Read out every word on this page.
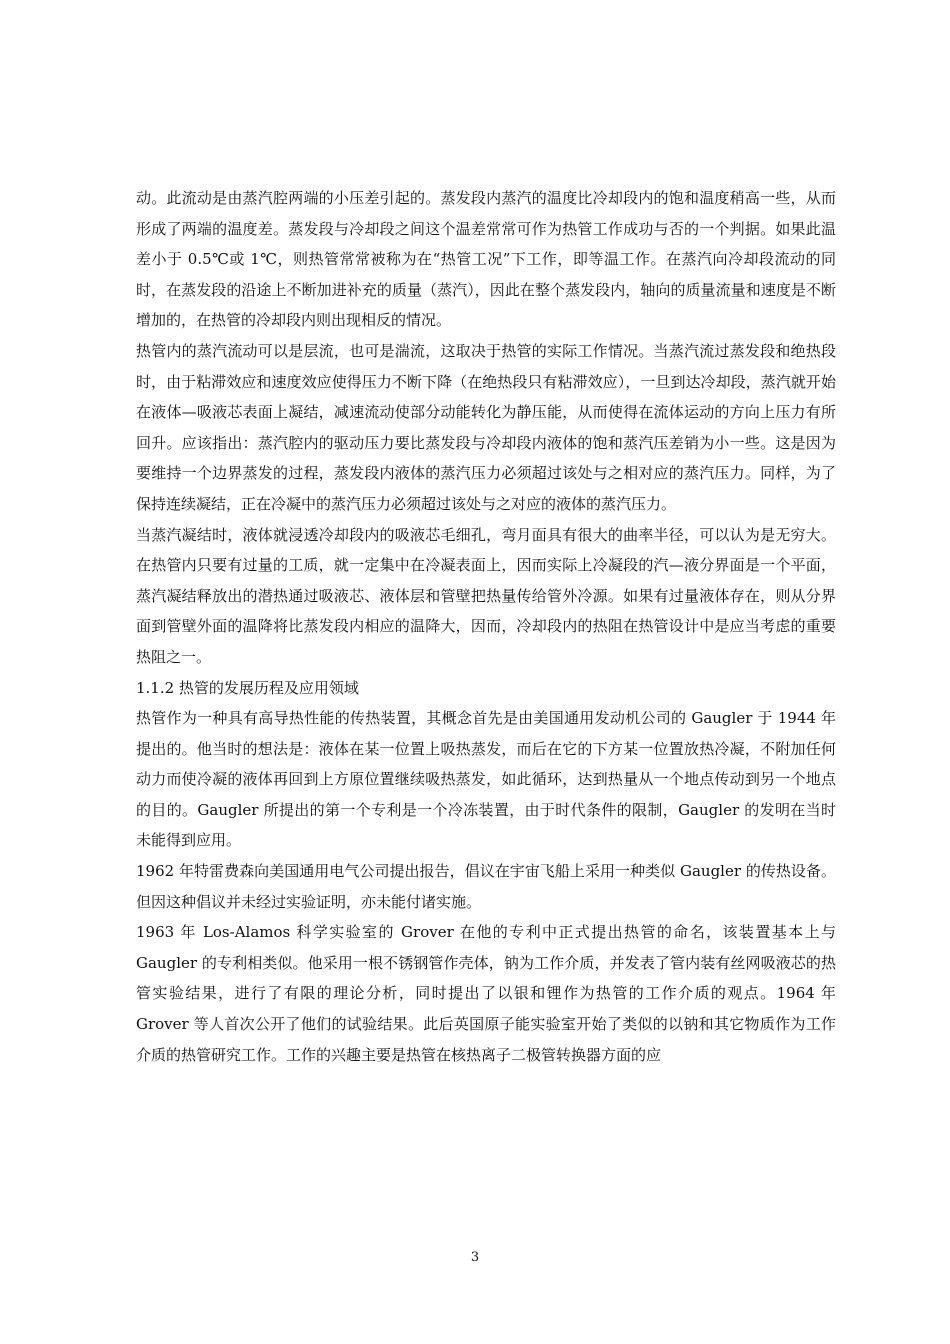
动。此流动是由蒸汽腔两端的小压差引起的。蒸发段内蒸汽的温度比冷却段内的饱和温度稍高一些，从而形成了两端的温度差。蒸发段与冷却段之间这个温差常常可作为热管工作成功与否的一个判据。如果此温差小于 0.5℃或 1℃，则热管常常被称为在“热管工况”下工作，即等温工作。在蒸汽向冷却段流动的同时，在蒸发段的沿途上不断加进补充的质量（蒸汽），因此在整个蒸发段内，轴向的质量流量和速度是不断增加的，在热管的冷却段内则出现相反的情况。

热管内的蒸汽流动可以是层流，也可是湍流，这取决于热管的实际工作情况。当蒸汽流过蒸发段和绝热段时，由于粘滞效应和速度效应使得压力不断下降（在绝热段只有粘滞效应），一旦到达冷却段，蒸汽就开始在液体—吸液芯表面上凝结，减速流动使部分动能转化为静压能，从而使得在流体运动的方向上压力有所回升。应该指出：蒸汽腔内的驱动压力要比蒸发段与冷却段内液体的饱和蒸汽压差销为小一些。这是因为要维持一个边界蒸发的过程，蒸发段内液体的蒸汽压力必须超过该处与之相对应的蒸汽压力。同样，为了保持连续凝结，正在冷凝中的蒸汽压力必须超过该处与之对应的液体的蒸汽压力。

当蒸汽凝结时，液体就浸透冷却段内的吸液芯毛细孔，弯月面具有很大的曲率半径，可以认为是无穷大。在热管内只要有过量的工质，就一定集中在冷凝表面上，因而实际上冷凝段的汽—液分界面是一个平面，蒸汽凝结释放出的潜热通过吸液芯、液体层和管壁把热量传给管外冷源。如果有过量液体存在，则从分界面到管壁外面的温降将比蒸发段内相应的温降大，因而，冷却段内的热阻在热管设计中是应当考虑的重要热阻之一。

1.1.2 热管的发展历程及应用领域

热管作为一种具有高导热性能的传热装置，其概念首先是由美国通用发动机公司的 Gaugler 于 1944 年提出的。他当时的想法是：液体在某一位置上吸热蒸发，而后在它的下方某一位置放热冷凝，不附加任何动力而使冷凝的液体再回到上方原位置继续吸热蒸发，如此循环，达到热量从一个地点传动到另一个地点的目的。Gaugler 所提出的第一个专利是一个冷冻装置，由于时代条件的限制，Gaugler 的发明在当时未能得到应用。

1962 年特雷费森向美国通用电气公司提出报告，倡议在宇宙飞船上采用一种类似 Gaugler 的传热设备。但因这种倡议并未经过实验证明，亦未能付诸实施。

1963 年 Los-Alamos 科学实验室的 Grover 在他的专利中正式提出热管的命名，该装置基本上与 Gaugler 的专利相类似。他采用一根不锈钢管作壳体，钠为工作介质，并发表了管内装有丝网吸液芯的热管实验结果，进行了有限的理论分析，同时提出了以银和锂作为热管的工作介质的观点。1964 年 Grover 等人首次公开了他们的试验结果。此后英国原子能实验室开始了类似的以钠和其它物质作为工作介质的热管研究工作。工作的兴趣主要是热管在核热离子二极管转换器方面的应

3
